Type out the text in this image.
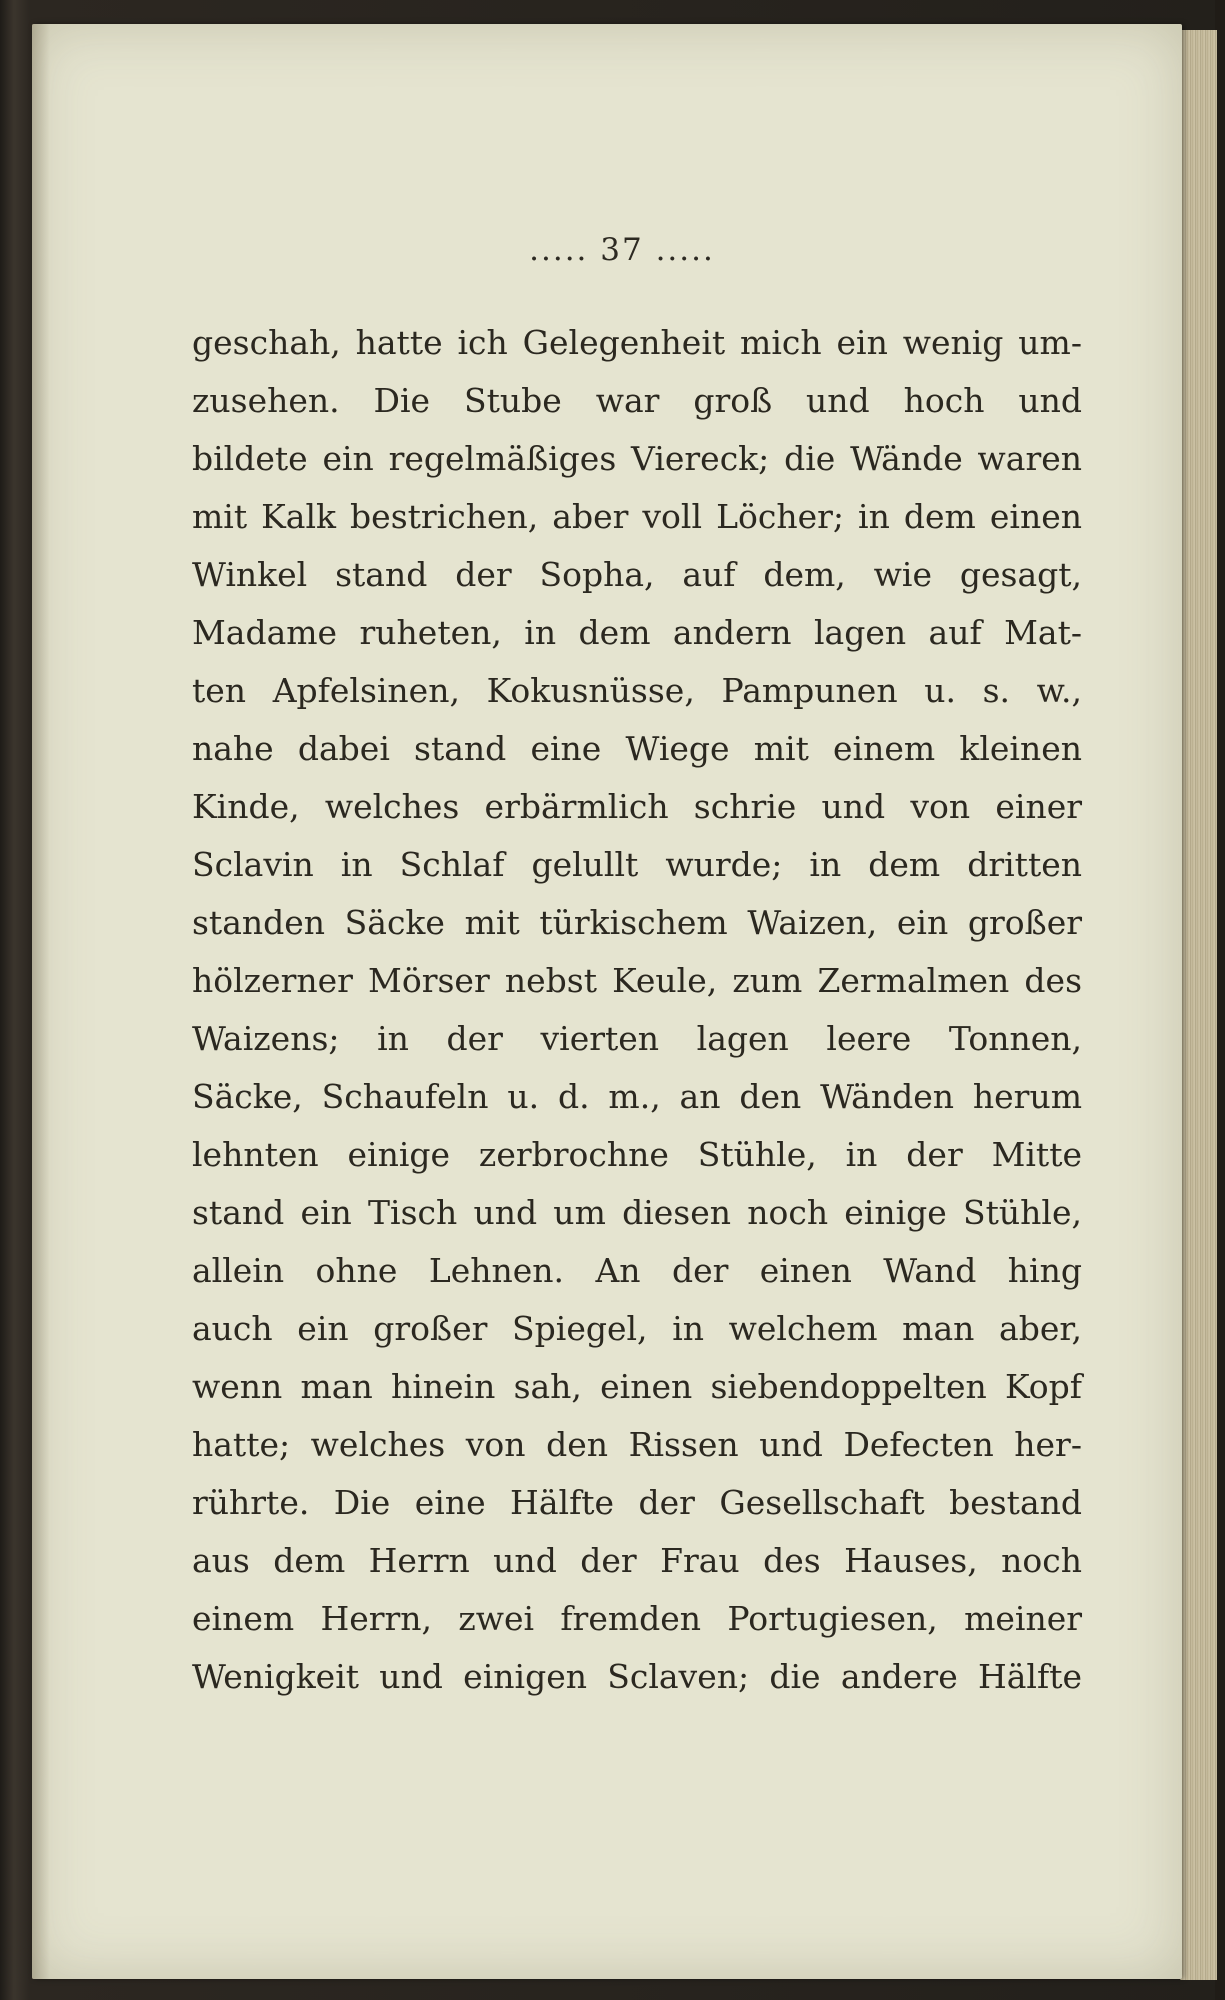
..... 37 .....
geschah, hatte ich Gelegenheit mich ein wenig um-
zusehen. Die Stube war groß und hoch und
bildete ein regelmäßiges Viereck; die Wände waren
mit Kalk bestrichen, aber voll Löcher; in dem einen
Winkel stand der Sopha, auf dem, wie gesagt,
Madame ruheten, in dem andern lagen auf Mat-
ten Apfelsinen, Kokusnüsse, Pampunen u. s. w.,
nahe dabei stand eine Wiege mit einem kleinen
Kinde, welches erbärmlich schrie und von einer
Sclavin in Schlaf gelullt wurde; in dem dritten
standen Säcke mit türkischem Waizen, ein großer
hölzerner Mörser nebst Keule, zum Zermalmen des
Waizens; in der vierten lagen leere Tonnen,
Säcke, Schaufeln u. d. m., an den Wänden herum
lehnten einige zerbrochne Stühle, in der Mitte
stand ein Tisch und um diesen noch einige Stühle,
allein ohne Lehnen. An der einen Wand hing
auch ein großer Spiegel, in welchem man aber,
wenn man hinein sah, einen siebendoppelten Kopf
hatte; welches von den Rissen und Defecten her-
rührte. Die eine Hälfte der Gesellschaft bestand
aus dem Herrn und der Frau des Hauses, noch
einem Herrn, zwei fremden Portugiesen, meiner
Wenigkeit und einigen Sclaven; die andere Hälfte
